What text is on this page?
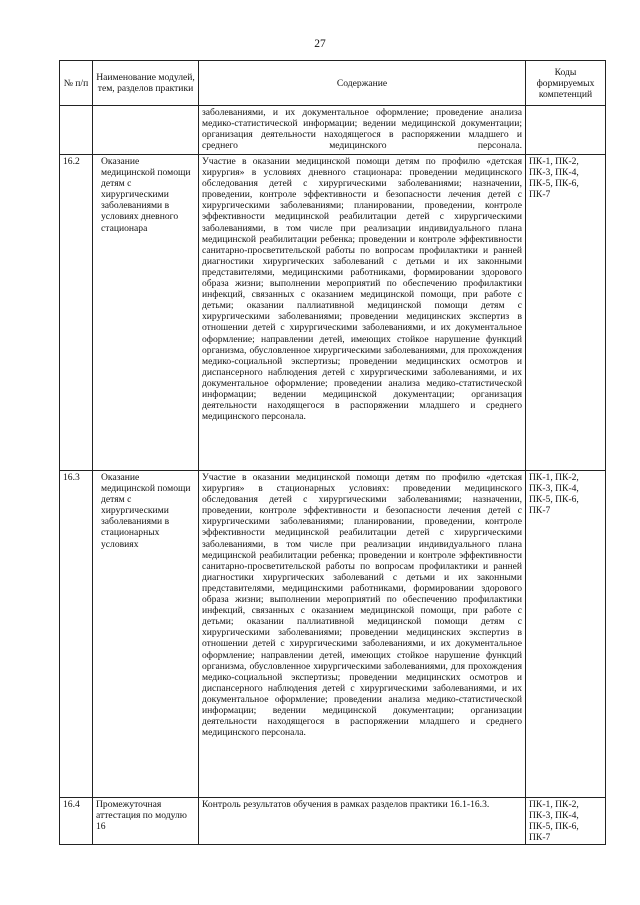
27
№ п/п	Наименование модулей, тем, разделов практики	Содержание	Коды формируемых компетенций
		заболеваниями, и их документальное оформление; проведение анализа медико-статистической информации; ведении медицинской документации; организация деятельности находящегося в распоряжении младшего и среднего медицинского персонала.	
16.2	Оказание медицинской помощи детям с хирургическими заболеваниями в условиях дневного стационара	Участие в оказании медицинской помощи детям по профилю «детская хирургия» в условиях дневного стационара: проведении медицинского обследования детей с хирургическими заболеваниями; назначении, проведении, контроле эффективности и безопасности лечения детей с хирургическими заболеваниями; планировании, проведении, контроле эффективности медицинской реабилитации детей с хирургическими заболеваниями, в том числе при реализации индивидуального плана медицинской реабилитации ребенка; проведении и контроле эффективности санитарно-просветительской работы по вопросам профилактики и ранней диагностики хирургических заболеваний с детьми и их законными представителями, медицинскими работниками, формировании здорового образа жизни; выполнении мероприятий по обеспечению профилактики инфекций, связанных с оказанием медицинской помощи, при работе с детьми; оказании паллиативной медицинской помощи детям с хирургическими заболеваниями; проведении медицинских экспертиз в отношении детей с хирургическими заболеваниями, и их документальное оформление; направлении детей, имеющих стойкое нарушение функций организма, обусловленное хирургическими заболеваниями, для прохождения медико-социальной экспертизы; проведении медицинских осмотров и диспансерного наблюдения детей с хирургическими заболеваниями, и их документальное оформление; проведении анализа медико-статистической информации; ведении медицинской документации; организация деятельности находящегося в распоряжении младшего и среднего медицинского персонала.	ПК-1, ПК-2, ПК-3, ПК-4, ПК-5, ПК-6, ПК-7
16.3	Оказание медицинской помощи детям с хирургическими заболеваниями в стационарных условиях	Участие в оказании медицинской помощи детям по профилю «детская хирургия» в стационарных условиях: проведении медицинского обследования детей с хирургическими заболеваниями; назначении, проведении, контроле эффективности и безопасности лечения детей с хирургическими заболеваниями; планировании, проведении, контроле эффективности медицинской реабилитации детей с хирургическими заболеваниями, в том числе при реализации индивидуального плана медицинской реабилитации ребенка; проведении и контроле эффективности санитарно-просветительской работы по вопросам профилактики и ранней диагностики хирургических заболеваний с детьми и их законными представителями, медицинскими работниками, формировании здорового образа жизни; выполнении мероприятий по обеспечению профилактики инфекций, связанных с оказанием медицинской помощи, при работе с детьми; оказании паллиативной медицинской помощи детям с хирургическими заболеваниями; проведении медицинских экспертиз в отношении детей с хирургическими заболеваниями, и их документальное оформление; направлении детей, имеющих стойкое нарушение функций организма, обусловленное хирургическими заболеваниями, для прохождения медико-социальной экспертизы; проведении медицинских осмотров и диспансерного наблюдения детей с хирургическими заболеваниями, и их документальное оформление; проведении анализа медико-статистической информации; ведении медицинской документации; организации деятельности находящегося в распоряжении младшего и среднего медицинского персонала.	ПК-1, ПК-2, ПК-3, ПК-4, ПК-5, ПК-6, ПК-7
16.4	Промежуточная аттестация по модулю 16	Контроль результатов обучения в рамках разделов практики 16.1-16.3.	ПК-1, ПК-2, ПК-3, ПК-4, ПК-5, ПК-6, ПК-7
